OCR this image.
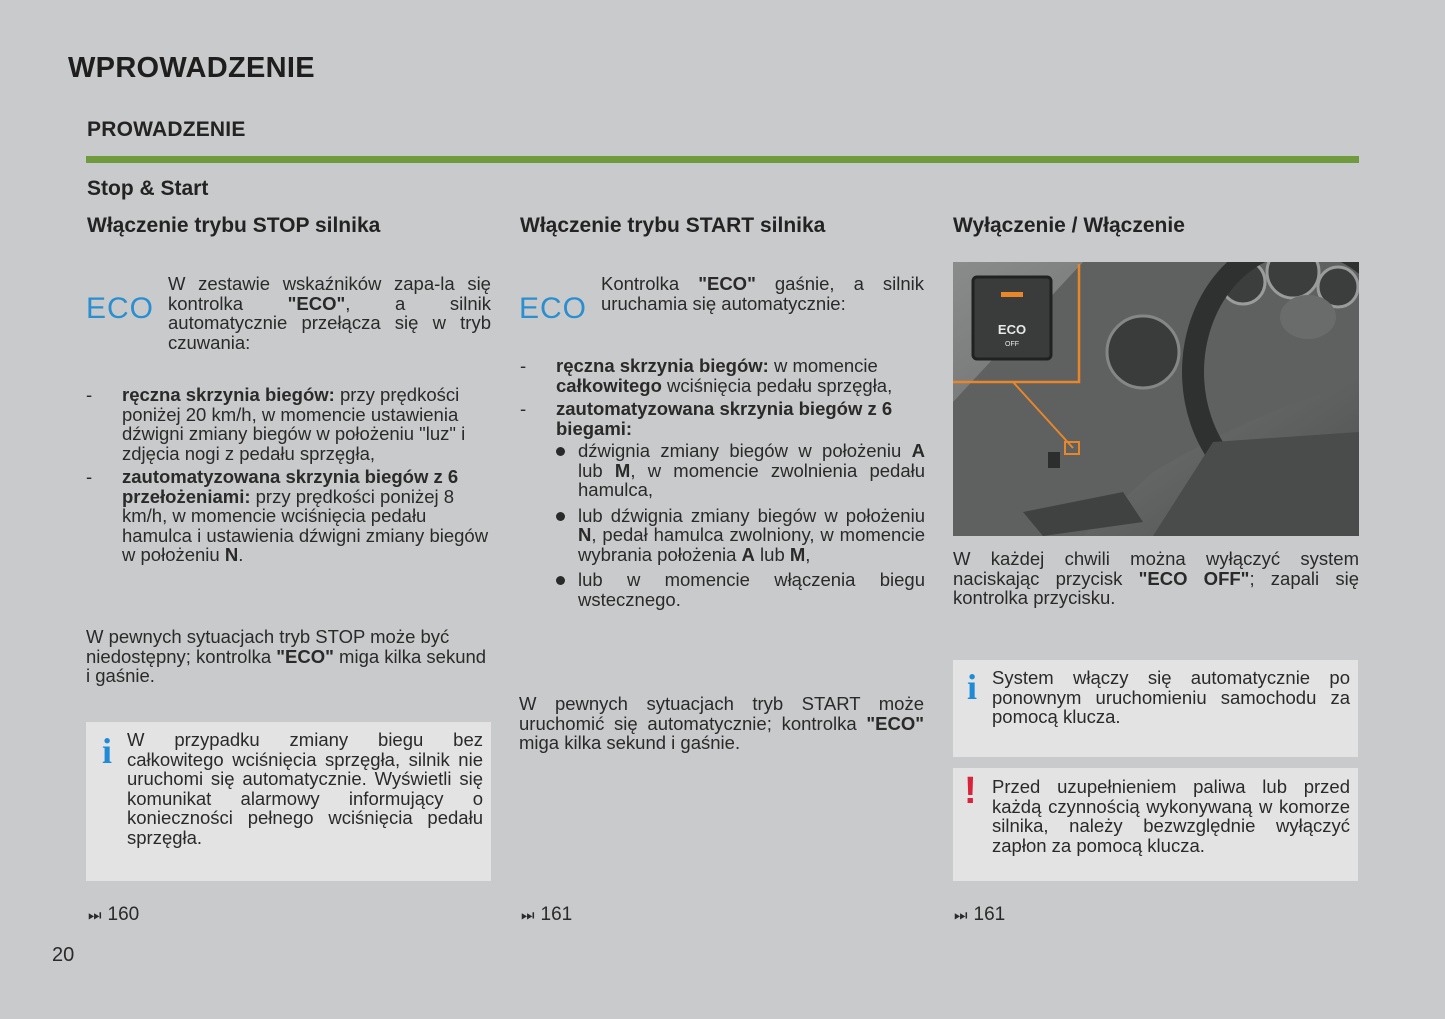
WPROWADZENIE
PROWADZENIE
Stop & Start
Włączenie trybu STOP silnika
ECO
W zestawie wskaźników zapa-la się kontrolka "ECO", a silnik automatycznie przełącza się w tryb czuwania:
- ręczna skrzynia biegów: przy prędkości poniżej 20 km/h, w momencie ustawienia dźwigni zmiany biegów w położeniu "luz" i zdjęcia nogi z pedału sprzęgła,
- zautomatyzowana skrzynia biegów z 6 przełożeniami: przy prędkości poniżej 8 km/h, w momencie wciśnięcia pedału hamulca i ustawienia dźwigni zmiany biegów w położeniu N.
W pewnych sytuacjach tryb STOP może być niedostępny; kontrolka "ECO" miga kilka sekund i gaśnie.
i W przypadku zmiany biegu bez całkowitego wciśnięcia sprzęgła, silnik nie uruchomi się automatycznie. Wyświetli się komunikat alarmowy informujący o konieczności pełnego wciśnięcia pedału sprzęgła.
⏭ 160
Włączenie trybu START silnika
ECO
Kontrolka "ECO" gaśnie, a silnik uruchamia się automatycznie:
- ręczna skrzynia biegów: w momencie całkowitego wciśnięcia pedału sprzęgła,
- zautomatyzowana skrzynia biegów z 6 biegami:
dźwignia zmiany biegów w położeniu A lub M, w momencie zwolnienia pedału hamulca,
lub dźwignia zmiany biegów w położeniu N, pedał hamulca zwolniony, w momencie wybrania położenia A lub M,
lub w momencie włączenia biegu wstecznego.
W pewnych sytuacjach tryb START może uruchomić się automatycznie; kontrolka "ECO" miga kilka sekund i gaśnie.
⏭ 161
Wyłączenie / Włączenie
ECO
OFF
W każdej chwili można wyłączyć system naciskając przycisk "ECO OFF"; zapali się kontrolka przycisku.
i System włączy się automatycznie po ponownym uruchomieniu samochodu za pomocą klucza.
! Przed uzupełnieniem paliwa lub przed każdą czynnością wykonywaną w komorze silnika, należy bezwzględnie wyłączyć zapłon za pomocą klucza.
⏭ 161
20
